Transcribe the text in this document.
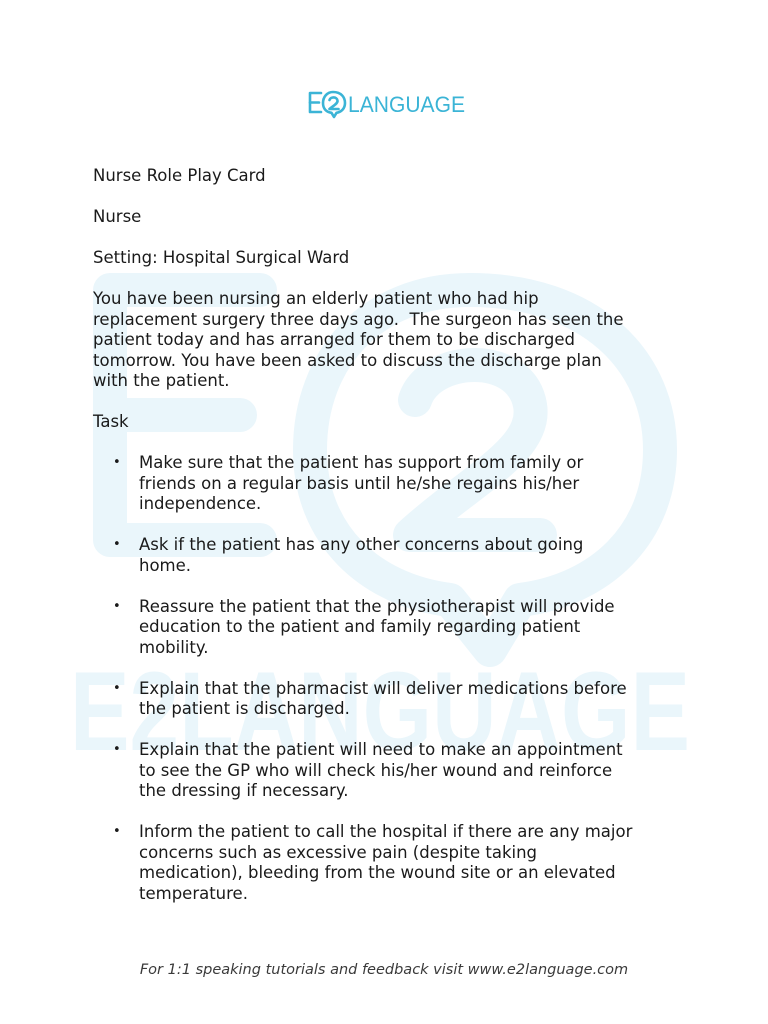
E2LANGUAGE
LANGUAGE

Nurse Role Play Card

Nurse

Setting: Hospital Surgical Ward

You have been nursing an elderly patient who had hip

replacement surgery three days ago.  The surgeon has seen the

patient today and has arranged for them to be discharged

tomorrow. You have been asked to discuss the discharge plan

with the patient.

Task

• Make sure that the patient has support from family or

friends on a regular basis until he/she regains his/her

independence.

• Ask if the patient has any other concerns about going

home.

• Reassure the patient that the physiotherapist will provide

education to the patient and family regarding patient

mobility.

• Explain that the pharmacist will deliver medications before

the patient is discharged.

• Explain that the patient will need to make an appointment

to see the GP who will check his/her wound and reinforce

the dressing if necessary.

• Inform the patient to call the hospital if there are any major

concerns such as excessive pain (despite taking

medication), bleeding from the wound site or an elevated

temperature.

For 1:1 speaking tutorials and feedback visit www.e2language.com
